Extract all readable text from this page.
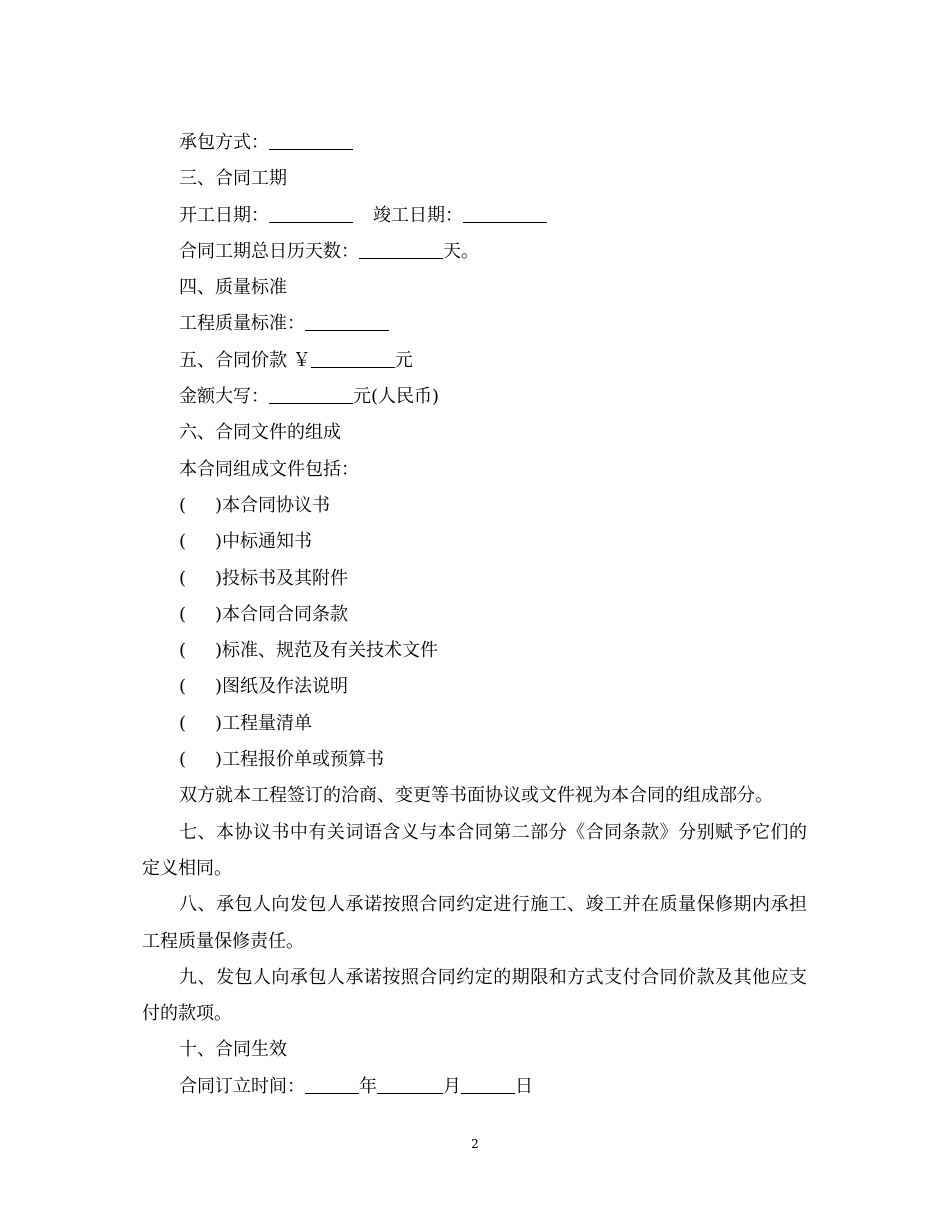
承包方式：
三、合同工期
开工日期：	竣工日期：
合同工期总日历天数：	天。
四、质量标准
工程质量标准：
五、合同价款 ￥	元
金额大写：	元(人民币)
六、合同文件的组成
本合同组成文件包括：
( )本合同协议书
( )中标通知书
( )投标书及其附件
( )本合同合同条款
( )标准、规范及有关技术文件
( )图纸及作法说明
( )工程量清单
( )工程报价单或预算书
双方就本工程签订的洽商、变更等书面协议或文件视为本合同的组成部分。
七、本协议书中有关词语含义与本合同第二部分《合同条款》分别赋予它们的定义相同。
八、承包人向发包人承诺按照合同约定进行施工、竣工并在质量保修期内承担工程质量保修责任。
九、发包人向承包人承诺按照合同约定的期限和方式支付合同价款及其他应支付的款项。
十、合同生效
合同订立时间：	年	月	日
2
